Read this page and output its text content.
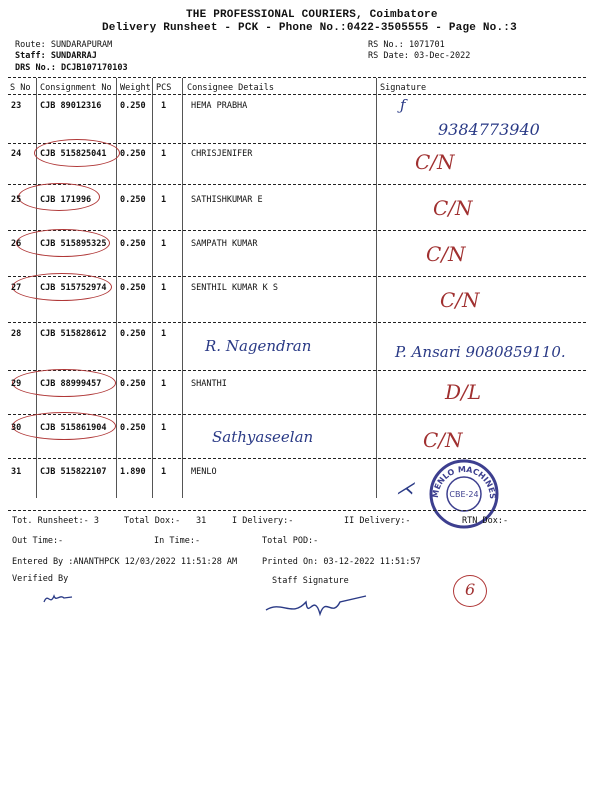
THE PROFESSIONAL COURIERS, Coimbatore
Delivery Runsheet - PCK - Phone No.:0422-3505555 - Page No.:3
Route: SUNDARAPURAM
Staff: SUNDARRAJ
DRS No.: DCJB107170103
RS No.: 1071701
RS Date: 03-Dec-2022
S No Consignment No Weight PCS Consignee Details	Signature
23 CJB 89012316 0.250 1	HEMA PRABHA
9384773940
ƒ
24 CJB 515825041 0.250 1	CHRISJENIFER	C/N
25 CJB 171996	0.250 1	SATHISHKUMAR E	C/N
26 CJB 515895325 0.250 1	SAMPATH KUMAR	C/N
27 CJB 515752974 0.250 1	SENTHIL KUMAR K S	C/N
28 CJB 515828612 0.250 1
R. Nagendran	P. Ansari 9080859110.
29 CJB 88999457 0.250 1	SHANTHI	D/L
30 CJB 515861904 0.250 1	Sathyaseelan	C/N
31 CJB 515822107 1.890 1	MENLO
MENLO MACHINES
CBE-24
⋌
Tot. Runsheet:- 3	Total Dox:- 31	I Delivery:-	II Delivery:-	RTN Dox:-
Out Time:-	In Time:-	Total POD:-
Entered By :ANANTHPCK 12/03/2022 11:51:28 AM	Printed On: 03-12-2022 11:51:57
Verified By	Staff Signature	6
